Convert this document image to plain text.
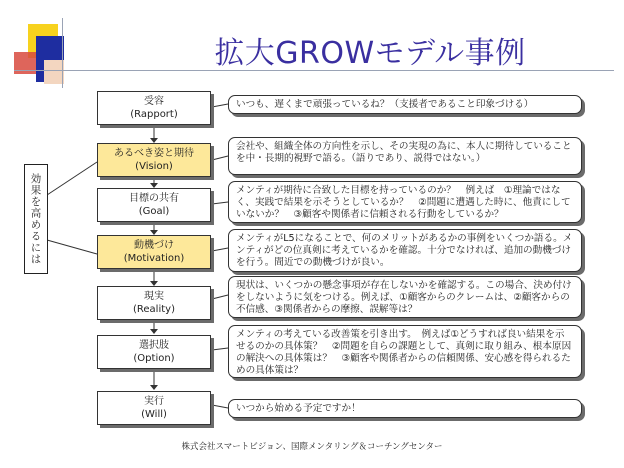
拡大GROWモデル事例
効果を高めるには
受容
(Rapport)
あるべき姿と期待
(Vision)
目標の共有
(Goal)
動機づけ
(Motivation)
現実
(Reality)
選択肢
(Option)
実行
(Will)
いつも、遅くまで頑張っているね？（支援者であること印象づける）
会社や、組織全体の方向性を示し、その実現の為に、本人に期待していることを中・長期的視野で語る。（語りであり、説得ではない。）
メンティが期待に合致した目標を持っているのか？　例えば　①理論ではなく、実践で結果を示そうとしているか？　②問題に遭遇した時に、他責にしていないか？　③顧客や関係者に信頼される行動をしているか？
メンティがL5になることで、何のメリットがあるかの事例をいくつか語る。メンティがどの位真剣に考えているかを確認。十分でなければ、追加の動機づけを行う。間近での動機づけが良い。
現状は、いくつかの懸念事項が存在しないかを確認する。この場合、決め付けをしないように気をつける。例えば、①顧客からのクレームは、②顧客からの不信感、③関係者からの摩擦、誤解等は？
メンティの考えている改善策を引き出す。　例えば①どうすれば良い結果を示せるのかの具体策？　②問題を自らの課題として、真剣に取り組み、根本原因の解決への具体策は？　③顧客や関係者からの信頼関係、安心感を得られるための具体策は？
いつから始める予定ですか！
株式会社スマートビジョン、国際メンタリング＆コーチングセンター
